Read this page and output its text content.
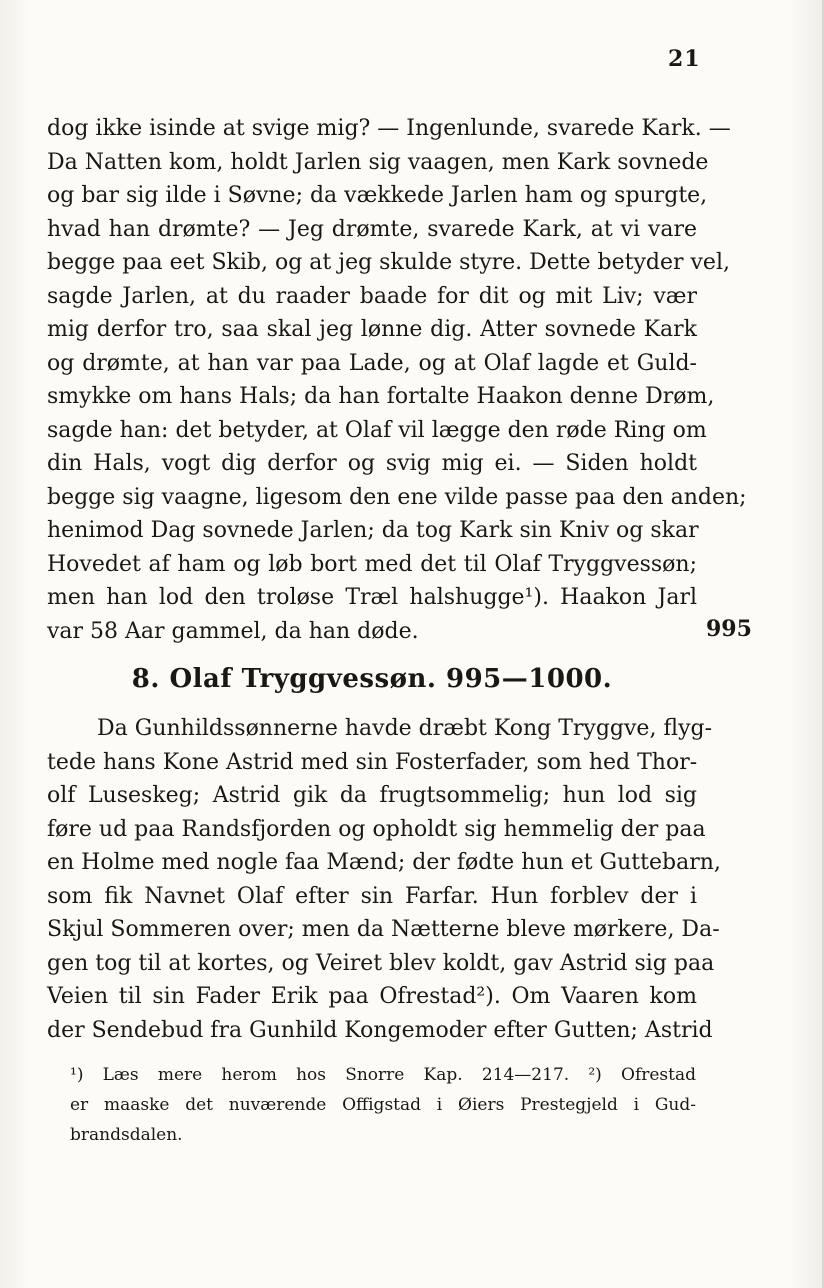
21
dog ikke isinde at svige mig? — Ingenlunde, svarede Kark. —
Da Natten kom, holdt Jarlen sig vaagen, men Kark sovnede
og bar sig ilde i Søvne; da vækkede Jarlen ham og spurgte,
hvad han drømte? — Jeg drømte, svarede Kark, at vi vare
begge paa eet Skib, og at jeg skulde styre. Dette betyder vel,
sagde Jarlen, at du raader baade for dit og mit Liv; vær
mig derfor tro, saa skal jeg lønne dig. Atter sovnede Kark
og drømte, at han var paa Lade, og at Olaf lagde et Guld-
smykke om hans Hals; da han fortalte Haakon denne Drøm,
sagde han: det betyder, at Olaf vil lægge den røde Ring om
din Hals, vogt dig derfor og svig mig ei. — Siden holdt
begge sig vaagne, ligesom den ene vilde passe paa den anden;
henimod Dag sovnede Jarlen; da tog Kark sin Kniv og skar
Hovedet af ham og løb bort med det til Olaf Tryggvessøn;
men han lod den troløse Træl halshugge¹). Haakon Jarl
var 58 Aar gammel, da han døde.	995
8. Olaf Tryggvessøn. 995—1000.
Da Gunhildssønnerne havde dræbt Kong Tryggve, flyg-
tede hans Kone Astrid med sin Fosterfader, som hed Thor-
olf Luseskeg; Astrid gik da frugtsommelig; hun lod sig
føre ud paa Randsfjorden og opholdt sig hemmelig der paa
en Holme med nogle faa Mænd; der fødte hun et Guttebarn,
som fik Navnet Olaf efter sin Farfar. Hun forblev der i
Skjul Sommeren over; men da Nætterne bleve mørkere, Da-
gen tog til at kortes, og Veiret blev koldt, gav Astrid sig paa
Veien til sin Fader Erik paa Ofrestad²). Om Vaaren kom
der Sendebud fra Gunhild Kongemoder efter Gutten; Astrid
¹) Læs mere herom hos Snorre Kap. 214—217. ²) Ofrestad
er maaske det nuværende Offigstad i Øiers Prestegjeld i Gud-
brandsdalen.
